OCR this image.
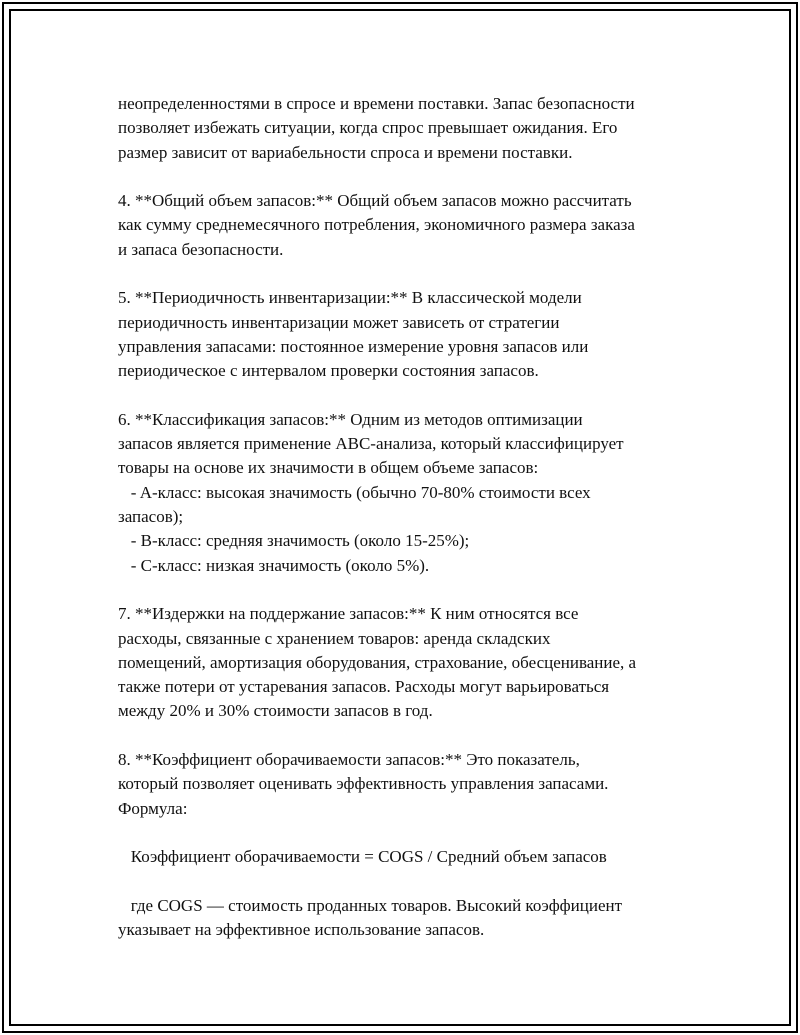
неопределенностями в спросе и времени поставки. Запас безопасности

позволяет избежать ситуации, когда спрос превышает ожидания. Его

размер зависит от вариабельности спроса и времени поставки.

4. **Общий объем запасов:** Общий объем запасов можно рассчитать

как сумму среднемесячного потребления, экономичного размера заказа

и запаса безопасности.

5. **Периодичность инвентаризации:** В классической модели

периодичность инвентаризации может зависеть от стратегии

управления запасами: постоянное измерение уровня запасов или

периодическое с интервалом проверки состояния запасов.

6. **Классификация запасов:** Одним из методов оптимизации

запасов является применение ABC-анализа, который классифицирует

товары на основе их значимости в общем объеме запасов:

- A-класс: высокая значимость (обычно 70-80% стоимости всех

запасов);

- B-класс: средняя значимость (около 15-25%);

- C-класс: низкая значимость (около 5%).

7. **Издержки на поддержание запасов:** К ним относятся все

расходы, связанные с хранением товаров: аренда складских

помещений, амортизация оборудования, страхование, обесценивание, а

также потери от устаревания запасов. Расходы могут варьироваться

между 20% и 30% стоимости запасов в год.

8. **Коэффициент оборачиваемости запасов:** Это показатель,

который позволяет оценивать эффективность управления запасами.

Формула:

Коэффициент оборачиваемости = COGS / Средний объем запасов

где COGS — стоимость проданных товаров. Высокий коэффициент

указывает на эффективное использование запасов.
